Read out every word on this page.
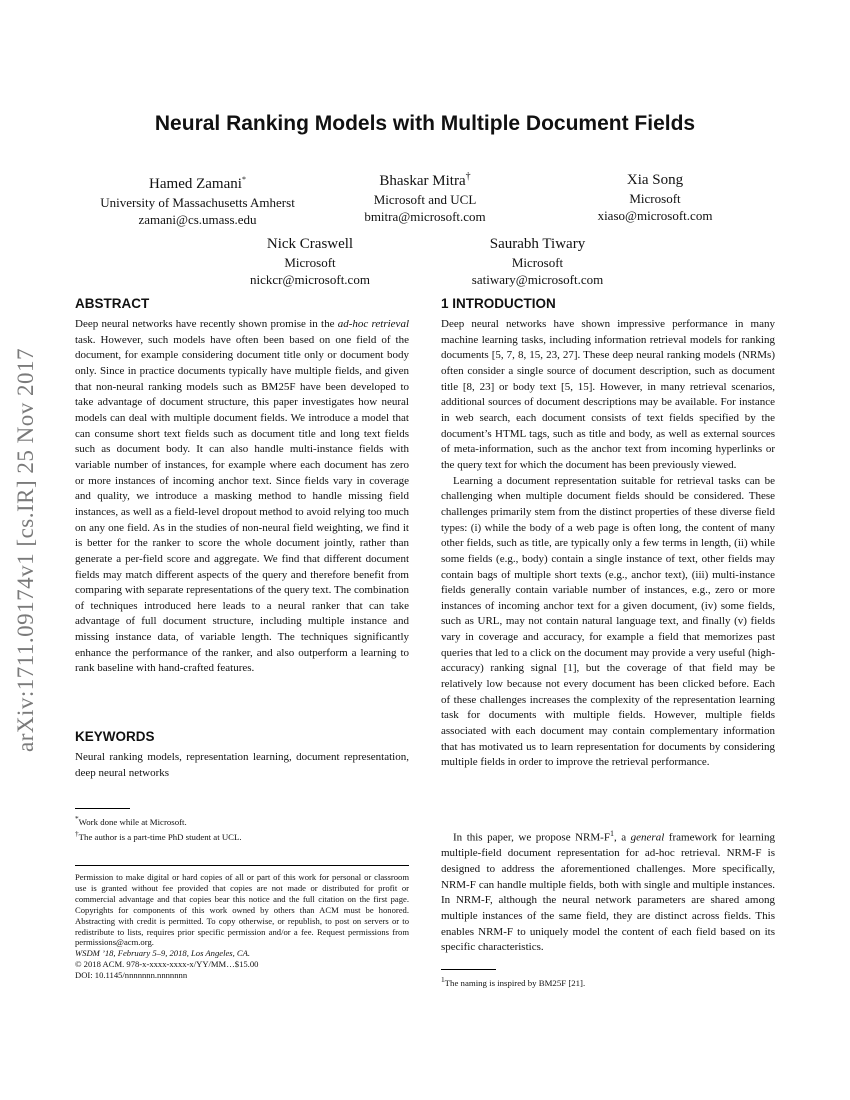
arXiv:1711.09174v1 [cs.IR] 25 Nov 2017
Neural Ranking Models with Multiple Document Fields
Hamed Zamani*
University of Massachusetts Amherst
zamani@cs.umass.edu
Bhaskar Mitra†
Microsoft and UCL
bmitra@microsoft.com
Xia Song
Microsoft
xiaso@microsoft.com
Nick Craswell
Microsoft
nickcr@microsoft.com
Saurabh Tiwary
Microsoft
satiwary@microsoft.com
ABSTRACT

Deep neural networks have recently shown promise in the ad-hoc retrieval task. However, such models have often been based on one field of the document, for example considering document title only or document body only. Since in practice documents typically have multiple fields, and given that non-neural ranking models such as BM25F have been developed to take advantage of document structure, this paper investigates how neural models can deal with multiple document fields. We introduce a model that can consume short text fields such as document title and long text fields such as document body. It can also handle multi-instance fields with variable number of instances, for example where each document has zero or more instances of incoming anchor text. Since fields vary in coverage and quality, we introduce a masking method to handle missing field instances, as well as a field-level dropout method to avoid relying too much on any one field. As in the studies of non-neural field weighting, we find it is better for the ranker to score the whole document jointly, rather than generate a per-field score and aggregate. We find that different document fields may match different aspects of the query and therefore benefit from comparing with separate representations of the query text. The combination of techniques introduced here leads to a neural ranker that can take advantage of full document structure, including multiple instance and missing instance data, of variable length. The techniques significantly enhance the performance of the ranker, and also outperform a learning to rank baseline with hand-crafted features.

KEYWORDS
Neural ranking models, representation learning, document representation, deep neural networks
*Work done while at Microsoft.
†The author is a part-time PhD student at UCL.
Permission to make digital or hard copies of all or part of this work for personal or classroom use is granted without fee provided that copies are not made or distributed for profit or commercial advantage and that copies bear this notice and the full citation on the first page. Copyrights for components of this work owned by others than ACM must be honored. Abstracting with credit is permitted. To copy otherwise, or republish, to post on servers or to redistribute to lists, requires prior specific permission and/or a fee. Request permissions from permissions@acm.org.
WSDM ’18, February 5–9, 2018, Los Angeles, CA.
© 2018 ACM. 978-x-xxxx-xxxx-x/YY/MM…$15.00
DOI: 10.1145/nnnnnnn.nnnnnnn
1 INTRODUCTION

Deep neural networks have shown impressive performance in many machine learning tasks, including information retrieval models for ranking documents [5, 7, 8, 15, 23, 27]. These deep neural ranking models (NRMs) often consider a single source of document description, such as document title [8, 23] or body text [5, 15]. However, in many retrieval scenarios, additional sources of document descriptions may be available. For instance in web search, each document consists of text fields specified by the document’s HTML tags, such as title and body, as well as external sources of meta-information, such as the anchor text from incoming hyperlinks or the query text for which the document has been previously viewed.

Learning a document representation suitable for retrieval tasks can be challenging when multiple document fields should be considered. These challenges primarily stem from the distinct properties of these diverse field types: (i) while the body of a web page is often long, the content of many other fields, such as title, are typically only a few terms in length, (ii) while some fields (e.g., body) contain a single instance of text, other fields may contain bags of multiple short texts (e.g., anchor text), (iii) multi-instance fields generally contain variable number of instances, e.g., zero or more instances of incoming anchor text for a given document, (iv) some fields, such as URL, may not contain natural language text, and finally (v) fields vary in coverage and accuracy, for example a field that memorizes past queries that led to a click on the document may provide a very useful (high-accuracy) ranking signal [1], but the coverage of that field may be relatively low because not every document has been clicked before. Each of these challenges increases the complexity of the representation learning task for documents with multiple fields. However, multiple fields associated with each document may contain complementary information that has motivated us to learn representation for documents by considering multiple fields in order to improve the retrieval performance.

In this paper, we propose NRM-$F^1$, a general framework for learning multiple-field document representation for ad-hoc retrieval. NRM-F is designed to address the aforementioned challenges. More specifically, NRM-F can handle multiple fields, both with single and multiple instances. In NRM-F, although the neural network parameters are shared among multiple instances of the same field, they are distinct across fields. This enables NRM-F to uniquely model the content of each field based on its specific characteristics.

$^1$The naming is inspired by BM25F [21].
